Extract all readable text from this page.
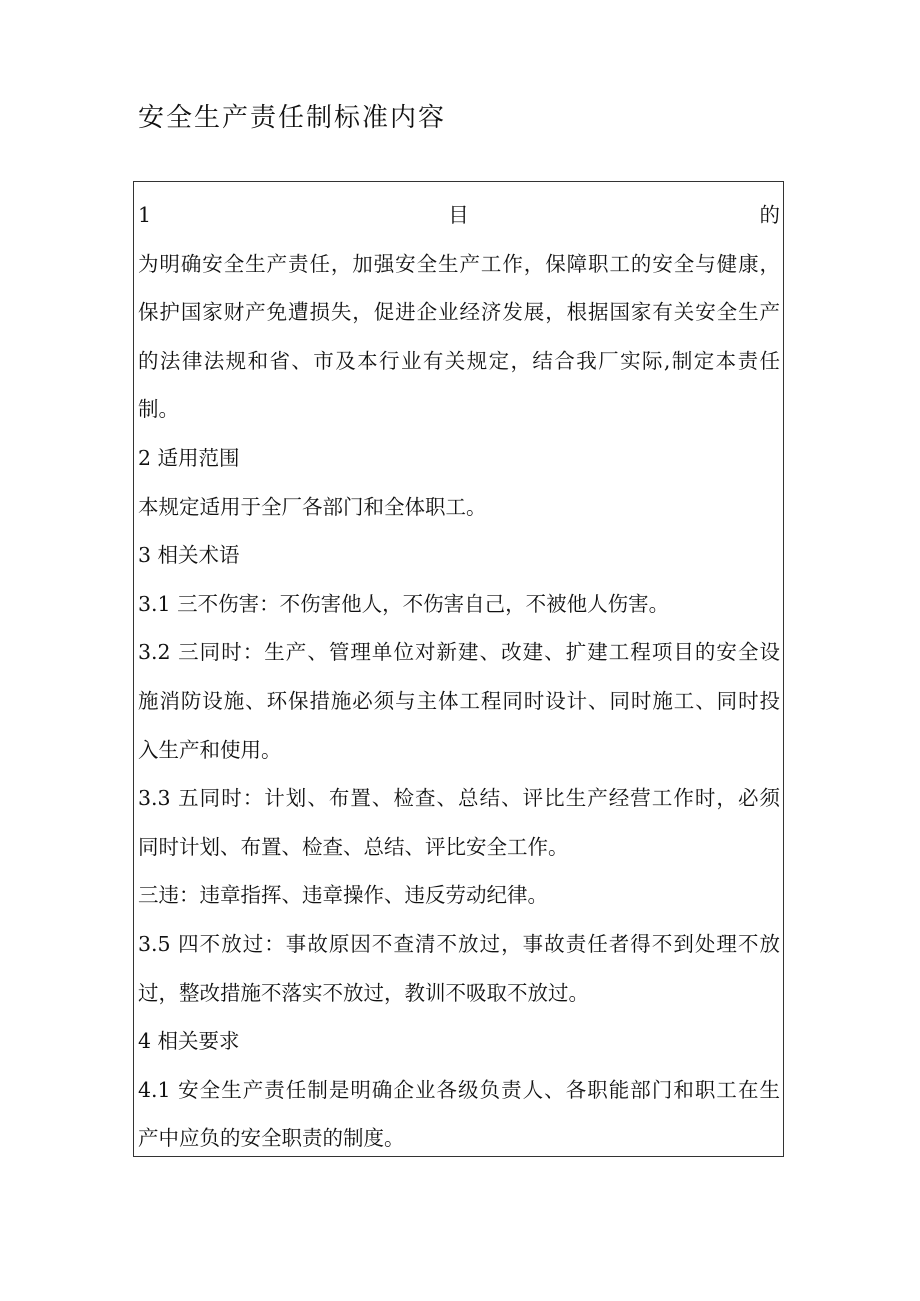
安全生产责任制标准内容
1 目的
为明确安全生产责任，加强安全生产工作，保障职工的安全与健康，
保护国家财产免遭损失，促进企业经济发展，根据国家有关安全生产
的法律法规和省、市及本行业有关规定，结合我厂实际,制定本责任
制。
2 适用范围
本规定适用于全厂各部门和全体职工。
3 相关术语
3.1 三不伤害：不伤害他人，不伤害自己，不被他人伤害。
3.2 三同时：生产、管理单位对新建、改建、扩建工程项目的安全设
施消防设施、环保措施必须与主体工程同时设计、同时施工、同时投
入生产和使用。
3.3 五同时：计划、布置、检查、总结、评比生产经营工作时，必须
同时计划、布置、检查、总结、评比安全工作。
三违：违章指挥、违章操作、违反劳动纪律。
3.5 四不放过：事故原因不查清不放过，事故责任者得不到处理不放
过，整改措施不落实不放过，教训不吸取不放过。
4 相关要求
4.1 安全生产责任制是明确企业各级负责人、各职能部门和职工在生
产中应负的安全职责的制度。
